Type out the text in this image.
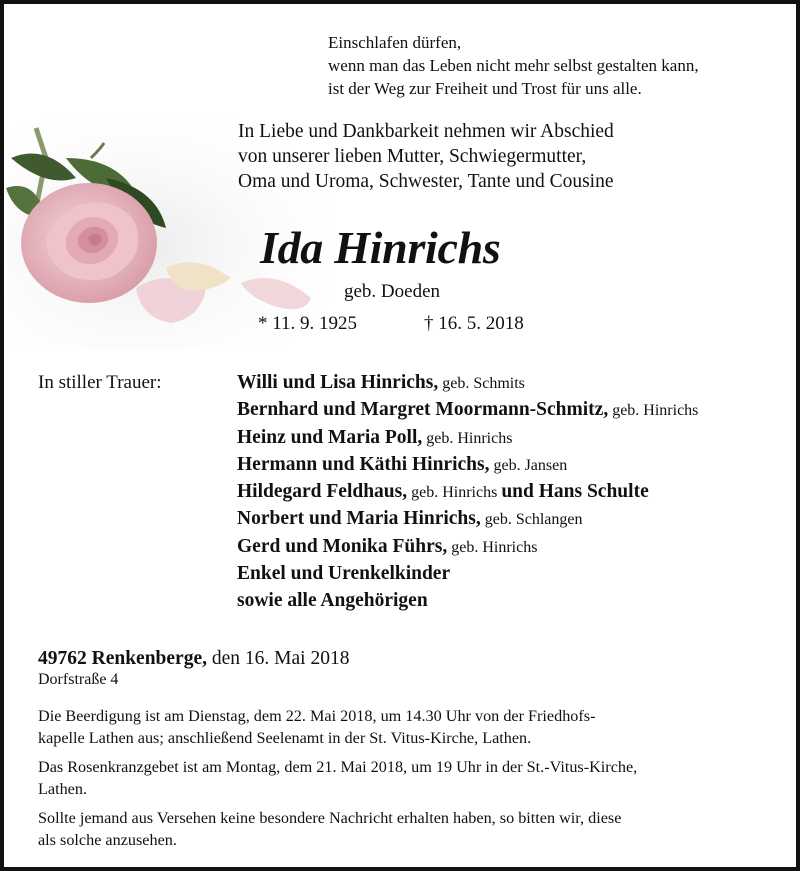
Einschlafen dürfen,
wenn man das Leben nicht mehr selbst gestalten kann,
ist der Weg zur Freiheit und Trost für uns alle.
In Liebe und Dankbarkeit nehmen wir Abschied
von unserer lieben Mutter, Schwiegermutter,
Oma und Uroma, Schwester, Tante und Cousine
Ida Hinrichs
geb. Doeden
* 11. 9. 1925	† 16. 5. 2018
In stiller Trauer:	Willi und Lisa Hinrichs, geb. Schmits
Bernhard und Margret Moormann-Schmitz, geb. Hinrichs
Heinz und Maria Poll, geb. Hinrichs
Hermann und Käthi Hinrichs, geb. Jansen
Hildegard Feldhaus, geb. Hinrichs und Hans Schulte
Norbert und Maria Hinrichs, geb. Schlangen
Gerd und Monika Führs, geb. Hinrichs
Enkel und Urenkelkinder
sowie alle Angehörigen
49762 Renkenberge, den 16. Mai 2018
Dorfstraße 4
Die Beerdigung ist am Dienstag, dem 22. Mai 2018, um 14.30 Uhr von der Friedhofs-
kapelle Lathen aus; anschließend Seelenamt in der St. Vitus-Kirche, Lathen.
Das Rosenkranzgebet ist am Montag, dem 21. Mai 2018, um 19 Uhr in der St.-Vitus-Kirche,
Lathen.
Sollte jemand aus Versehen keine besondere Nachricht erhalten haben, so bitten wir, diese
als solche anzusehen.
